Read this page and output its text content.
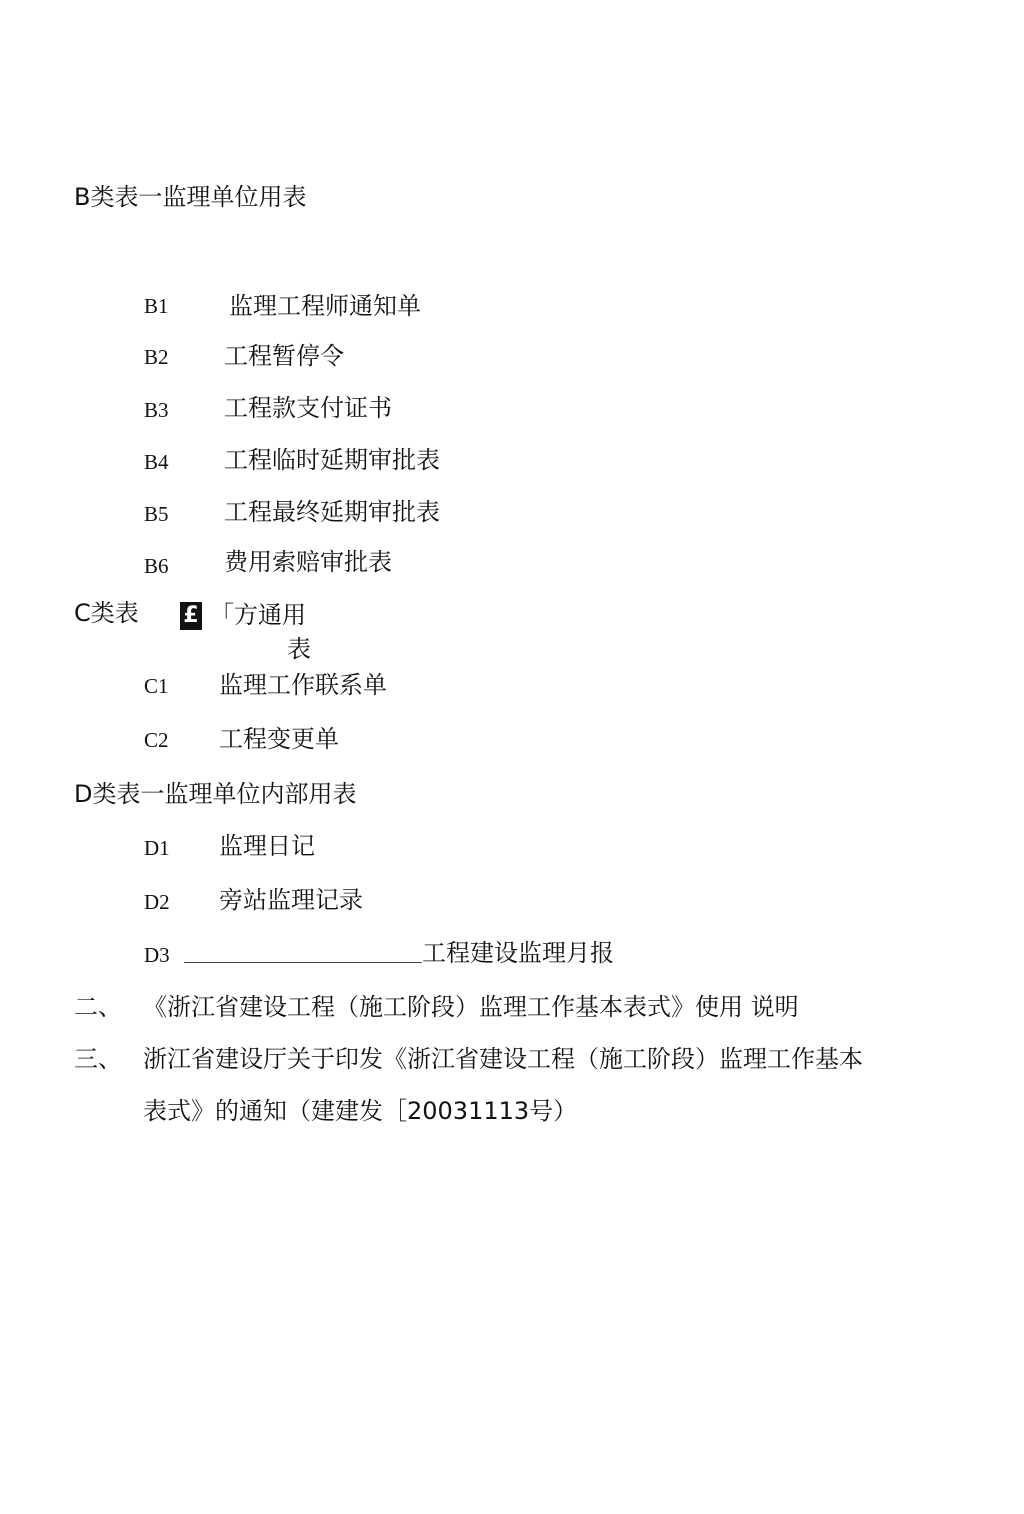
B类表一监理单位用表
B1	监理工程师通知单
B2 工程暂停令
B3 工程款支付证书
B4 工程临时延期审批表
B5 工程最终延期审批表
B6 费用索赔审批表
C类表 £ 「方通用
表
C1 监理工作联系单
C2 工程变更单
D类表一监理单位内部用表
D1 监理日记
D2 旁站监理记录
D3	工程建设监理月报
二、 《浙江省建设工程（施工阶段）监理工作基本表式》使用 说明
三、 浙江省建设厅关于印发《浙江省建设工程（施工阶段）监理工作基本
表式》的通知（建建发［20031113号）
